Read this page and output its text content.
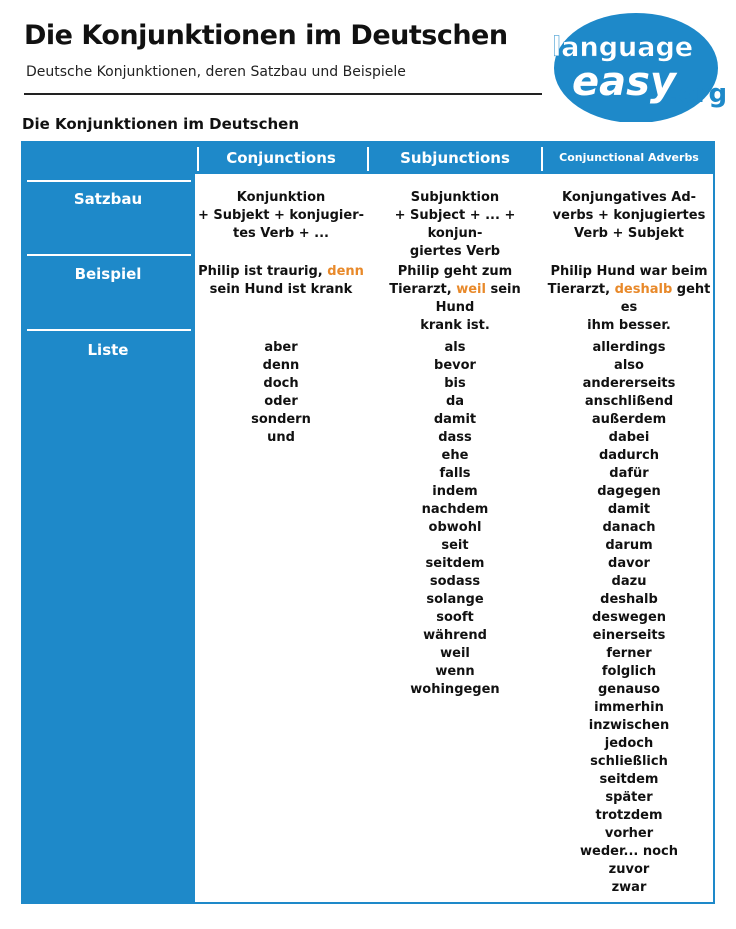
Die Konjunktionen im Deutschen
Deutsche Konjunktionen, deren Satzbau und Beispiele
language
easy
.org
Die Konjunktionen im Deutschen
Conjunctions	Subjunctions	Conjunctional Adverbs
Satzbau
Beispiel
Liste
Konjunktion
+ Subjekt + konjugier-
tes Verb + ...
Subjunktion
+ Subject + ... + konjun-
giertes Verb
Konjungatives Ad-
verbs + konjugiertes
Verb + Subjekt
Philip ist traurig, denn
sein Hund ist krank
Philip geht zum
Tierarzt, weil sein Hund
krank ist.
Philip Hund war beim
Tierarzt, deshalb geht es
ihm besser.
aber
denn
doch
oder
sondern
und
als
bevor
bis
da
damit
dass
ehe
falls
indem
nachdem
obwohl
seit
seitdem
sodass
solange
sooft
während
weil
wenn
wohingegen
allerdings
also
andererseits
anschlißend
außerdem
dabei
dadurch
dafür
dagegen
damit
danach
darum
davor
dazu
deshalb
deswegen
einerseits
ferner
folglich
genauso
immerhin
inzwischen
jedoch
schließlich
seitdem
später
trotzdem
vorher
weder... noch
zuvor
zwar
